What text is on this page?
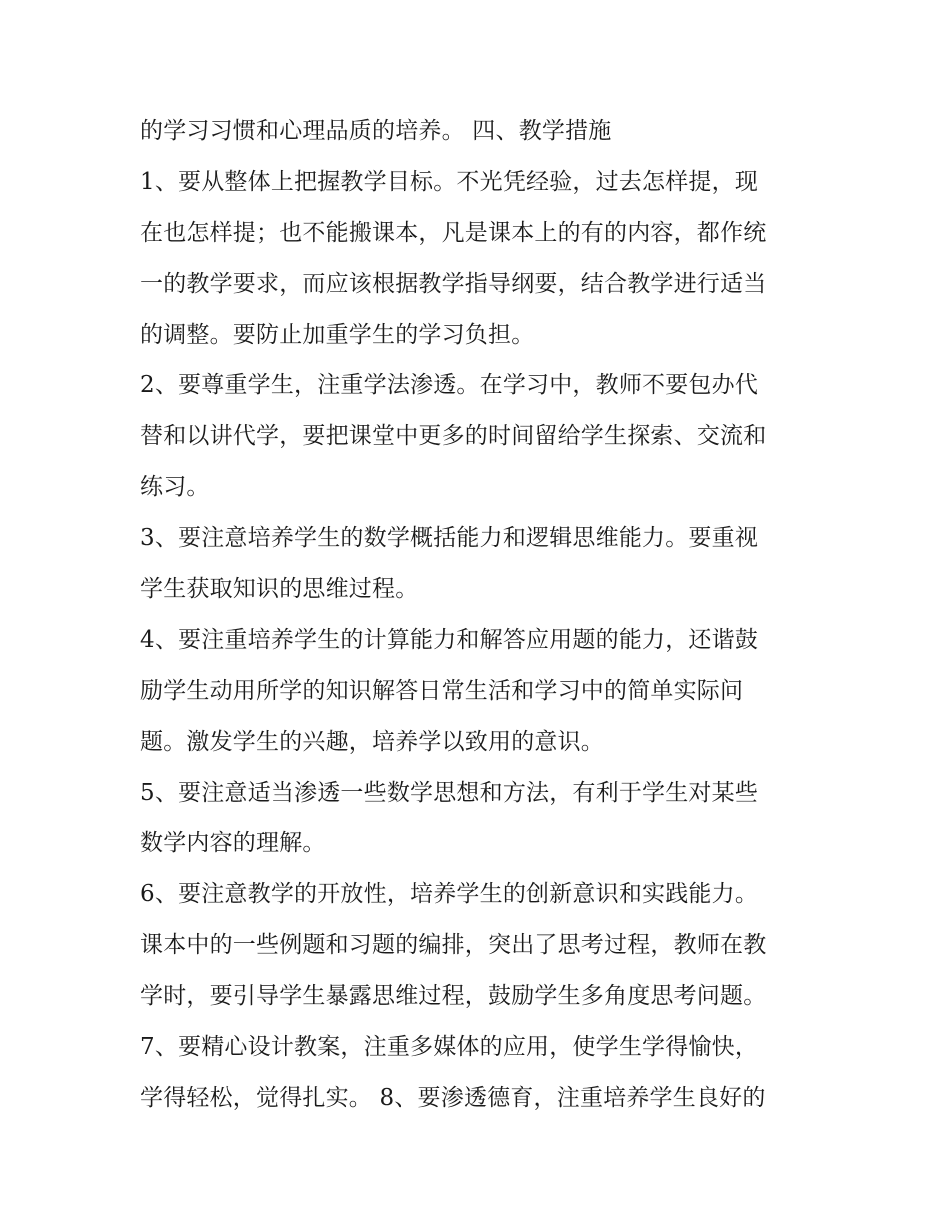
的学习习惯和心理品质的培养。 四、教学措施
1、要从整体上把握教学目标。不光凭经验，过去怎样提，现
在也怎样提；也不能搬课本，凡是课本上的有的内容，都作统
一的教学要求，而应该根据教学指导纲要，结合教学进行适当
的调整。要防止加重学生的学习负担。
2、要尊重学生，注重学法渗透。在学习中，教师不要包办代
替和以讲代学，要把课堂中更多的时间留给学生探索、交流和
练习。
3、要注意培养学生的数学概括能力和逻辑思维能力。要重视
学生获取知识的思维过程。
4、要注重培养学生的计算能力和解答应用题的能力，还谐鼓
励学生动用所学的知识解答日常生活和学习中的简单实际问
题。激发学生的兴趣，培养学以致用的意识。
5、要注意适当渗透一些数学思想和方法，有利于学生对某些
数学内容的理解。
6、要注意教学的开放性，培养学生的创新意识和实践能力。
课本中的一些例题和习题的编排，突出了思考过程，教师在教
学时，要引导学生暴露思维过程，鼓励学生多角度思考问题。
7、要精心设计教案，注重多媒体的应用，使学生学得愉快，
学得轻松，觉得扎实。 8、要渗透德育，注重培养学生良好的
